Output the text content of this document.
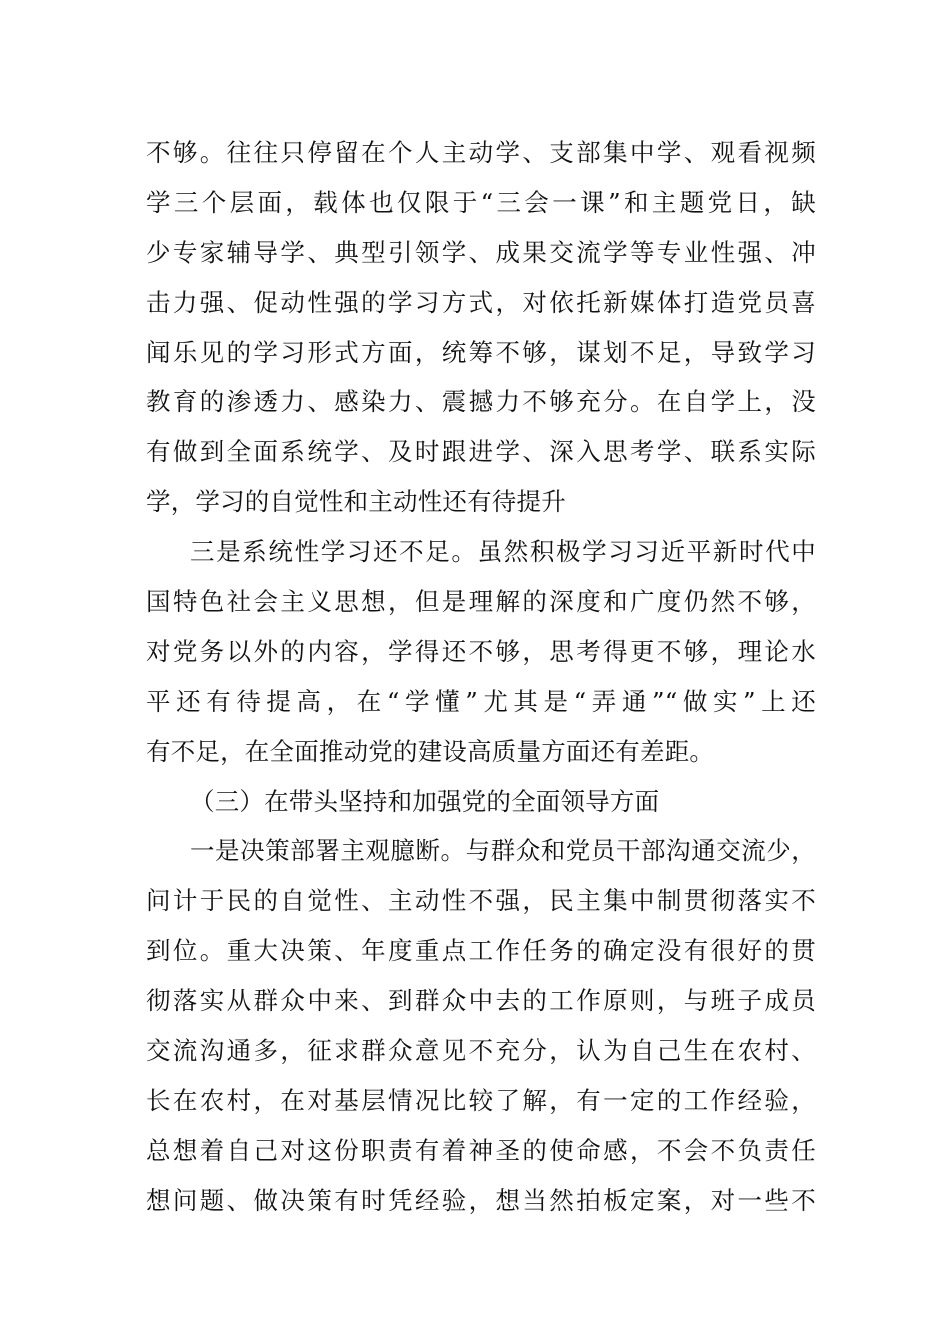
不够。往往只停留在个人主动学、支部集中学、观看视频
学三个层面，载体也仅限于“三会一课”和主题党日，缺
少专家辅导学、典型引领学、成果交流学等专业性强、冲
击力强、促动性强的学习方式，对依托新媒体打造党员喜
闻乐见的学习形式方面，统筹不够，谋划不足，导致学习
教育的渗透力、感染力、震撼力不够充分。在自学上，没
有做到全面系统学、及时跟进学、深入思考学、联系实际
学，学习的自觉性和主动性还有待提升
三是系统性学习还不足。虽然积极学习习近平新时代中
国特色社会主义思想，但是理解的深度和广度仍然不够，
对党务以外的内容，学得还不够，思考得更不够，理论水
平还有待提高，在“学懂”尤其是“弄通”“做实”上还
有不足，在全面推动党的建设高质量方面还有差距。
（三）在带头坚持和加强党的全面领导方面
一是决策部署主观臆断。与群众和党员干部沟通交流少，
问计于民的自觉性、主动性不强，民主集中制贯彻落实不
到位。重大决策、年度重点工作任务的确定没有很好的贯
彻落实从群众中来、到群众中去的工作原则，与班子成员
交流沟通多，征求群众意见不充分，认为自己生在农村、
长在农村，在对基层情况比较了解，有一定的工作经验，
总想着自己对这份职责有着神圣的使命感，不会不负责任
想问题、做决策有时凭经验，想当然拍板定案，对一些不
